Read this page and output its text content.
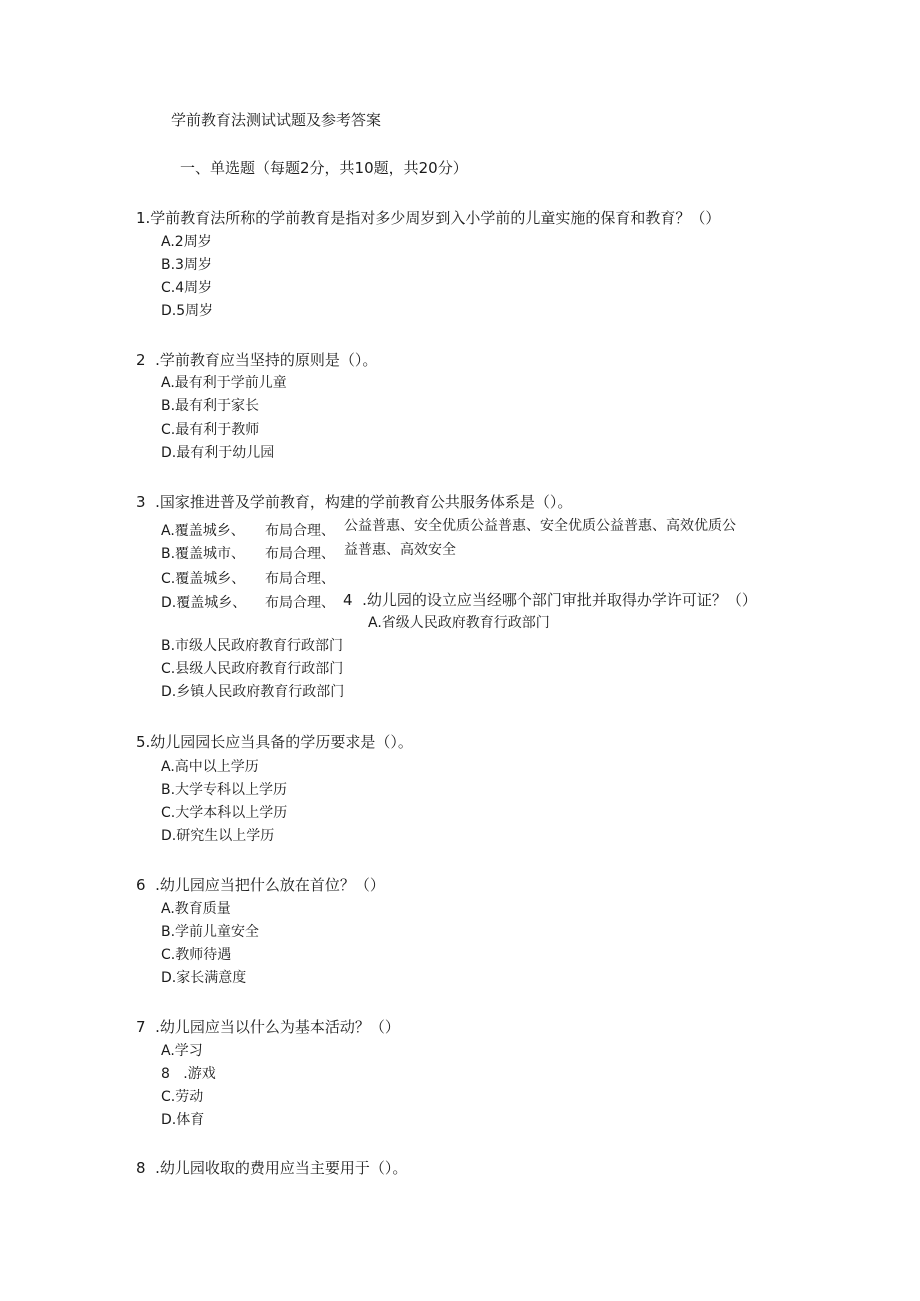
学前教育法测试试题及参考答案
一、单选题（每题2分，共10题，共20分）
1.学前教育法所称的学前教育是指对多少周岁到入小学前的儿童实施的保育和教育？（）
A.2周岁
B.3周岁
C.4周岁
D.5周岁
2  .学前教育应当坚持的原则是（）。
A.最有利于学前儿童
B.最有利于家长
C.最有利于教师
D.最有利于幼儿园
3  .国家推进普及学前教育，构建的学前教育公共服务体系是（）。
A.覆盖城乡、 布局合理、 公益普惠、安全优质公益普惠、安全优质公益普惠、高效优质公
B.覆盖城市、 布局合理、 益普惠、高效安全
C.覆盖城乡、 布局合理、
D.覆盖城乡、 布局合理、 4  .幼儿园的设立应当经哪个部门审批并取得办学许可证？（）
A.省级人民政府教育行政部门
B.市级人民政府教育行政部门
C.县级人民政府教育行政部门
D.乡镇人民政府教育行政部门
5.幼儿园园长应当具备的学历要求是（）。
A.高中以上学历
B.大学专科以上学历
C.大学本科以上学历
D.研究生以上学历
6  .幼儿园应当把什么放在首位？（）
A.教育质量
B.学前儿童安全
C.教师待遇
D.家长满意度
7  .幼儿园应当以什么为基本活动？（）
A.学习
8   .游戏
C.劳动
D.体育
8  .幼儿园收取的费用应当主要用于（）。
